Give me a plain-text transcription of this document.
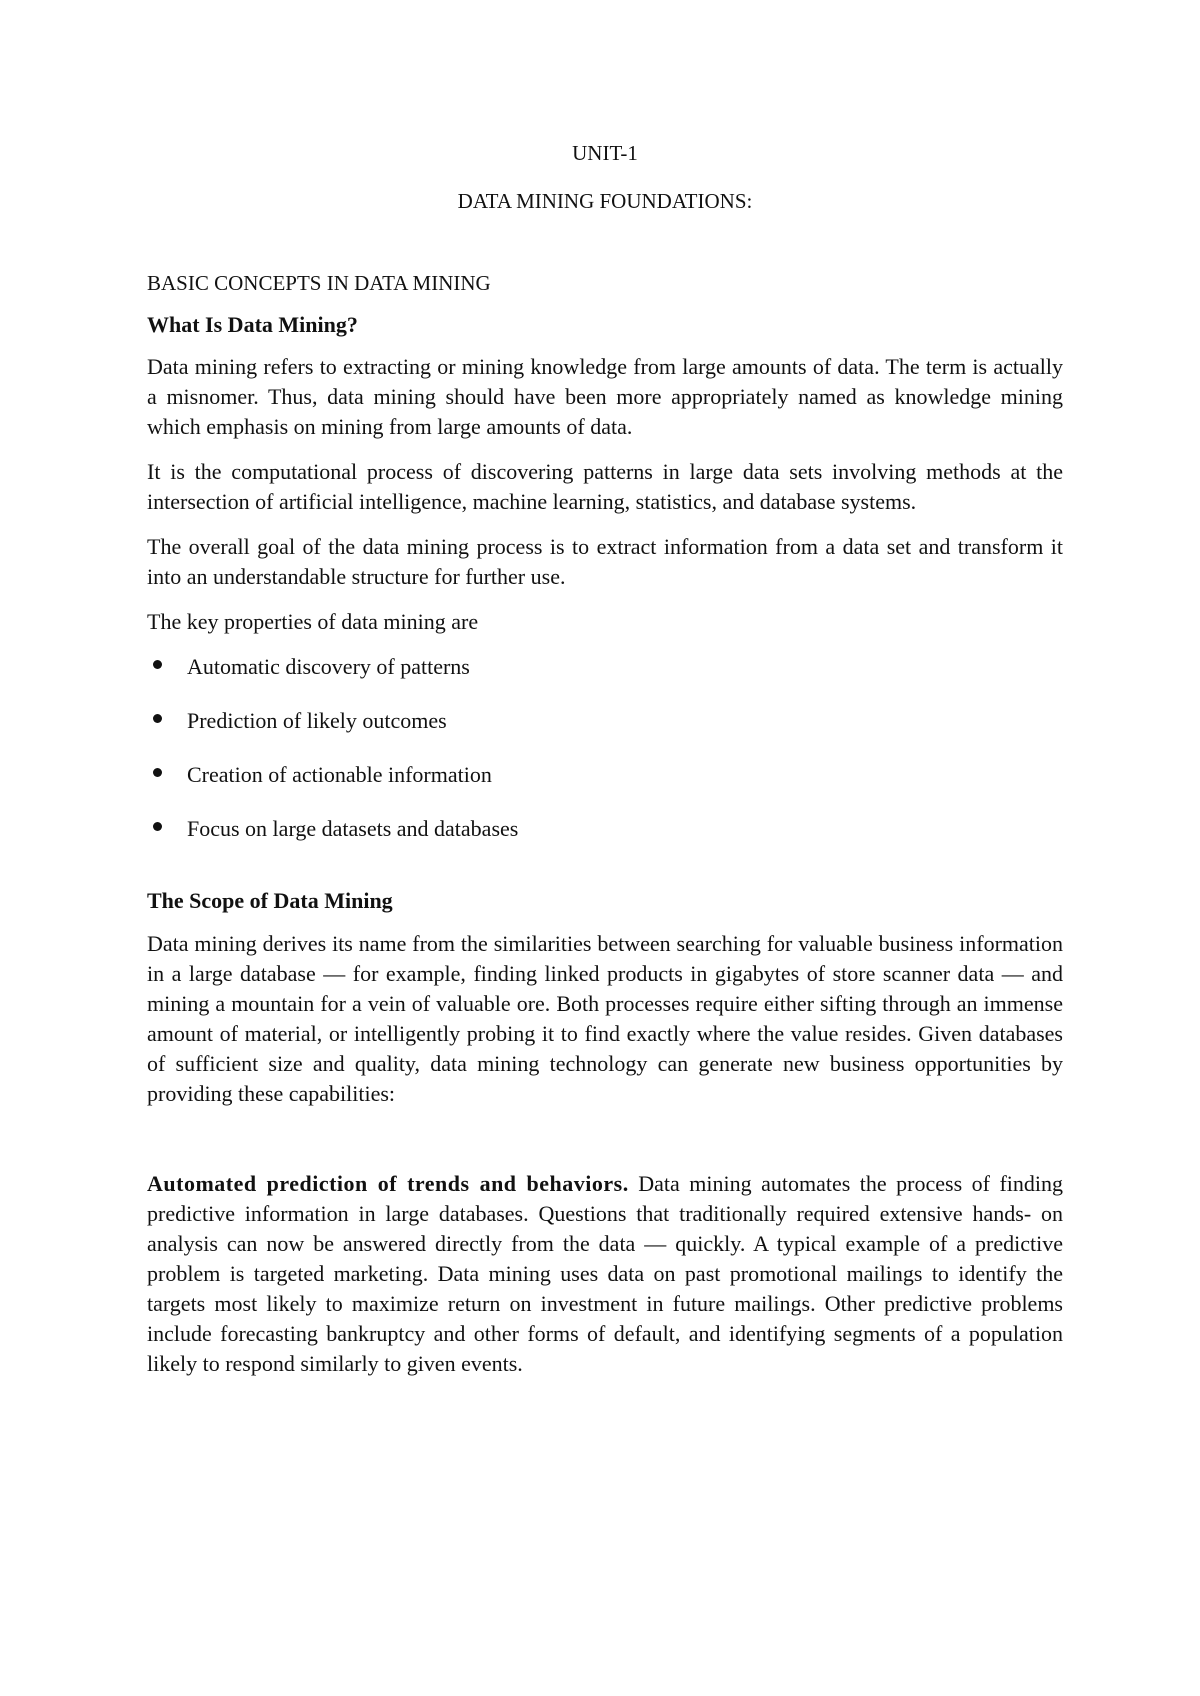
UNIT-1
DATA MINING FOUNDATIONS:
BASIC CONCEPTS IN DATA MINING
What Is Data Mining?

Data mining refers to extracting or mining knowledge from large amounts of data. The term is actually a misnomer. Thus, data mining should have been more appropriately named as knowledge mining which emphasis on mining from large amounts of data.

It is the computational process of discovering patterns in large data sets involving methods at the intersection of artificial intelligence, machine learning, statistics, and database systems.

The overall goal of the data mining process is to extract information from a data set and transform it into an understandable structure for further use.

The key properties of data mining are

Automatic discovery of patterns
Prediction of likely outcomes
Creation of actionable information
Focus on large datasets and databases
The Scope of Data Mining

Data mining derives its name from the similarities between searching for valuable business information in a large database — for example, finding linked products in gigabytes of store scanner data — and mining a mountain for a vein of valuable ore. Both processes require either sifting through an immense amount of material, or intelligently probing it to find exactly where the value resides. Given databases of sufficient size and quality, data mining technology can generate new business opportunities by providing these capabilities:

Automated prediction of trends and behaviors. Data mining automates the process of finding predictive information in large databases. Questions that traditionally required extensive hands- on analysis can now be answered directly from the data — quickly. A typical example of a predictive problem is targeted marketing. Data mining uses data on past promotional mailings to identify the targets most likely to maximize return on investment in future mailings. Other predictive problems include forecasting bankruptcy and other forms of default, and identifying segments of a population likely to respond similarly to given events.
